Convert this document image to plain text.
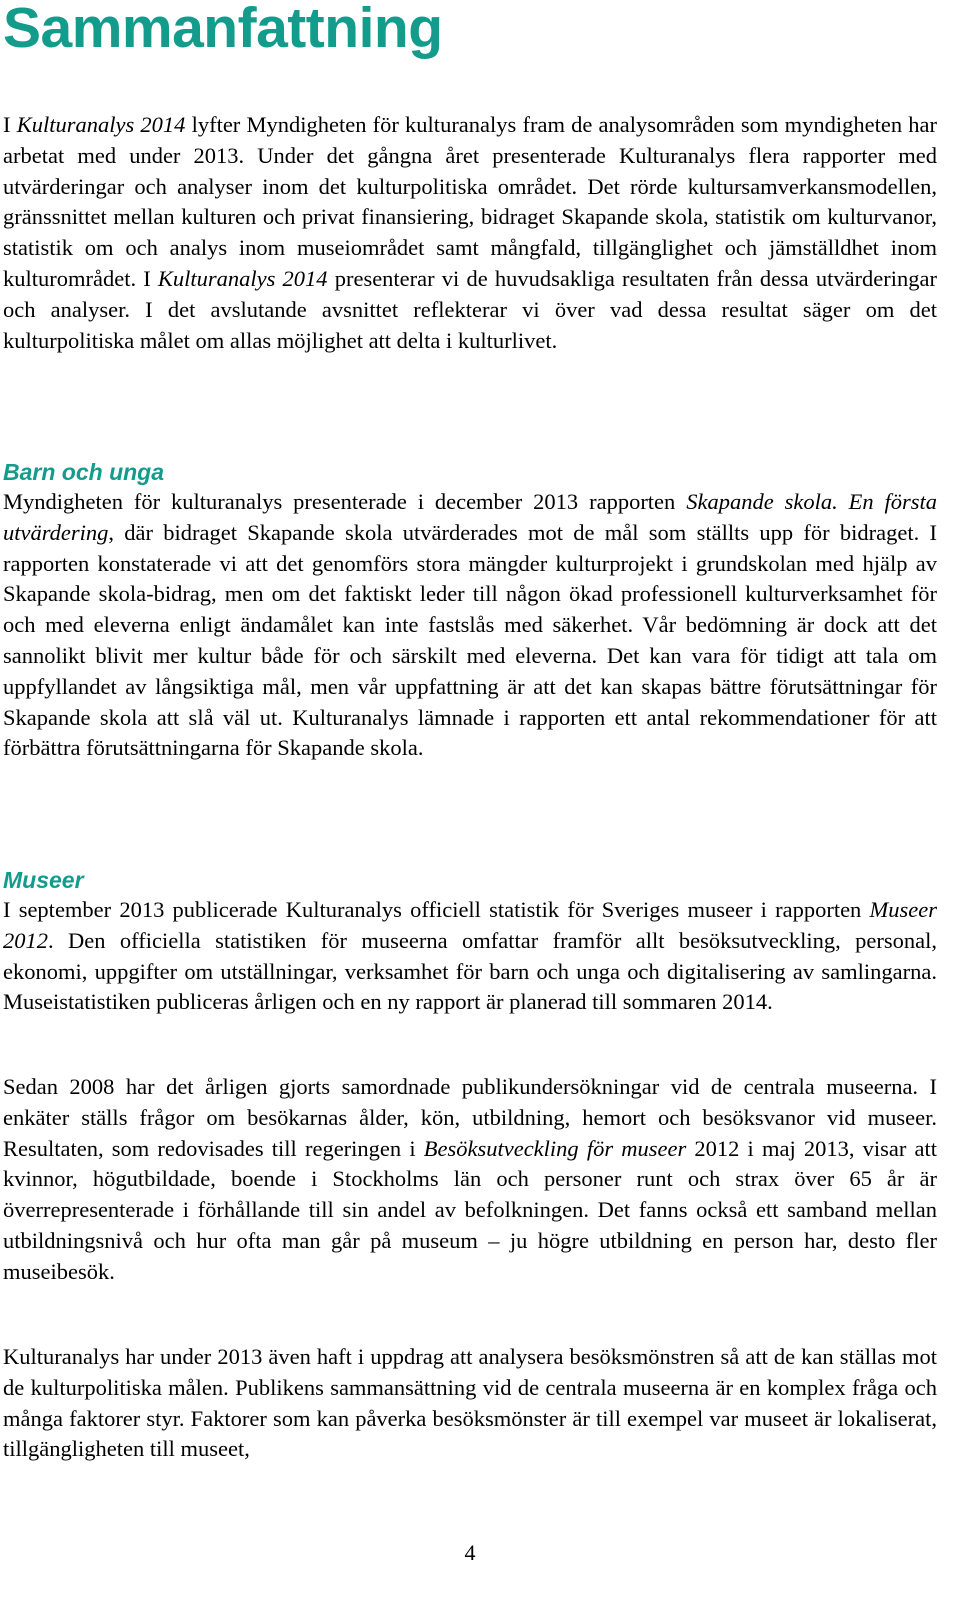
Sammanfattning

I Kulturanalys 2014 lyfter Myndigheten för kulturanalys fram de analysområden som myndigheten har arbetat med under 2013. Under det gångna året presenterade Kulturanalys flera rapporter med utvärderingar och analyser inom det kulturpolitiska området. Det rörde kultursamverkansmodellen, gränssnittet mellan kulturen och privat finansiering, bidraget Skapande skola, statistik om kulturvanor, statistik om och analys inom museiområdet samt mångfald, tillgänglighet och jämställdhet inom kulturområdet. I Kulturanalys 2014 presenterar vi de huvudsakliga resultaten från dessa utvärderingar och analyser. I det avslutande avsnittet reflekterar vi över vad dessa resultat säger om det kulturpolitiska målet om allas möjlighet att delta i kulturlivet.

Barn och unga

Myndigheten för kulturanalys presenterade i december 2013 rapporten Skapande skola. En första utvärdering, där bidraget Skapande skola utvärderades mot de mål som ställts upp för bidraget. I rapporten konstaterade vi att det genomförs stora mängder kulturprojekt i grundskolan med hjälp av Skapande skola-bidrag, men om det faktiskt leder till någon ökad professionell kulturverksamhet för och med eleverna enligt ändamålet kan inte fastslås med säkerhet. Vår bedömning är dock att det sannolikt blivit mer kultur både för och särskilt med eleverna. Det kan vara för tidigt att tala om uppfyllandet av långsiktiga mål, men vår uppfattning är att det kan skapas bättre förutsättningar för Skapande skola att slå väl ut. Kulturanalys lämnade i rapporten ett antal rekommendationer för att förbättra förutsättningarna för Skapande skola.

Museer

I september 2013 publicerade Kulturanalys officiell statistik för Sveriges museer i rapporten Museer 2012. Den officiella statistiken för museerna omfattar framför allt besöksutveckling, personal, ekonomi, uppgifter om utställningar, verksamhet för barn och unga och digitalisering av samlingarna. Museistatistiken publiceras årligen och en ny rapport är planerad till sommaren 2014.

Sedan 2008 har det årligen gjorts samordnade publikundersökningar vid de centrala museerna. I enkäter ställs frågor om besökarnas ålder, kön, utbildning, hemort och besöksvanor vid museer. Resultaten, som redovisades till regeringen i Besöksutveckling för museer 2012 i maj 2013, visar att kvinnor, högutbildade, boende i Stockholms län och personer runt och strax över 65 år är överrepresenterade i förhållande till sin andel av befolkningen. Det fanns också ett samband mellan utbildningsnivå och hur ofta man går på museum – ju högre utbildning en person har, desto fler museibesök.

Kulturanalys har under 2013 även haft i uppdrag att analysera besöksmönstren så att de kan ställas mot de kulturpolitiska målen. Publikens sammansättning vid de centrala museerna är en komplex fråga och många faktorer styr. Faktorer som kan påverka besöksmönster är till exempel var museet är lokaliserat, tillgängligheten till museet,

4
